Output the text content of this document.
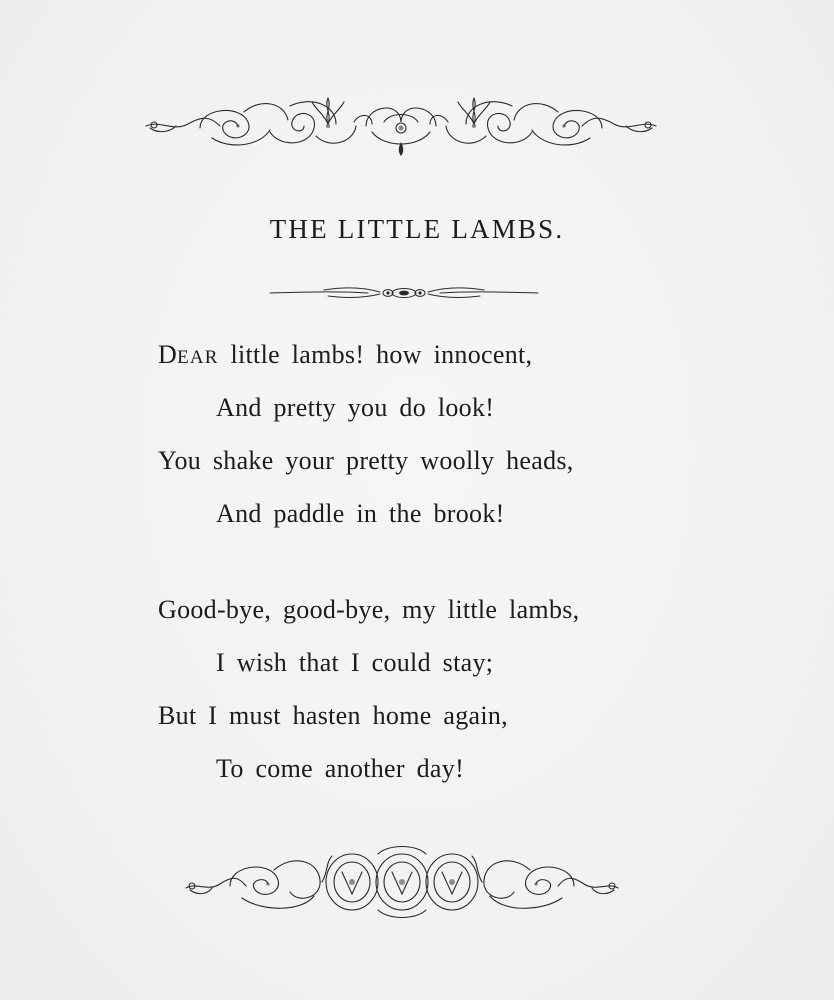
THE LITTLE LAMBS.
DEAR little lambs! how innocent,
And pretty you do look!
You shake your pretty woolly heads,
And paddle in the brook!
Good-bye, good-bye, my little lambs,
I wish that I could stay;
But I must hasten home again,
To come another day!
